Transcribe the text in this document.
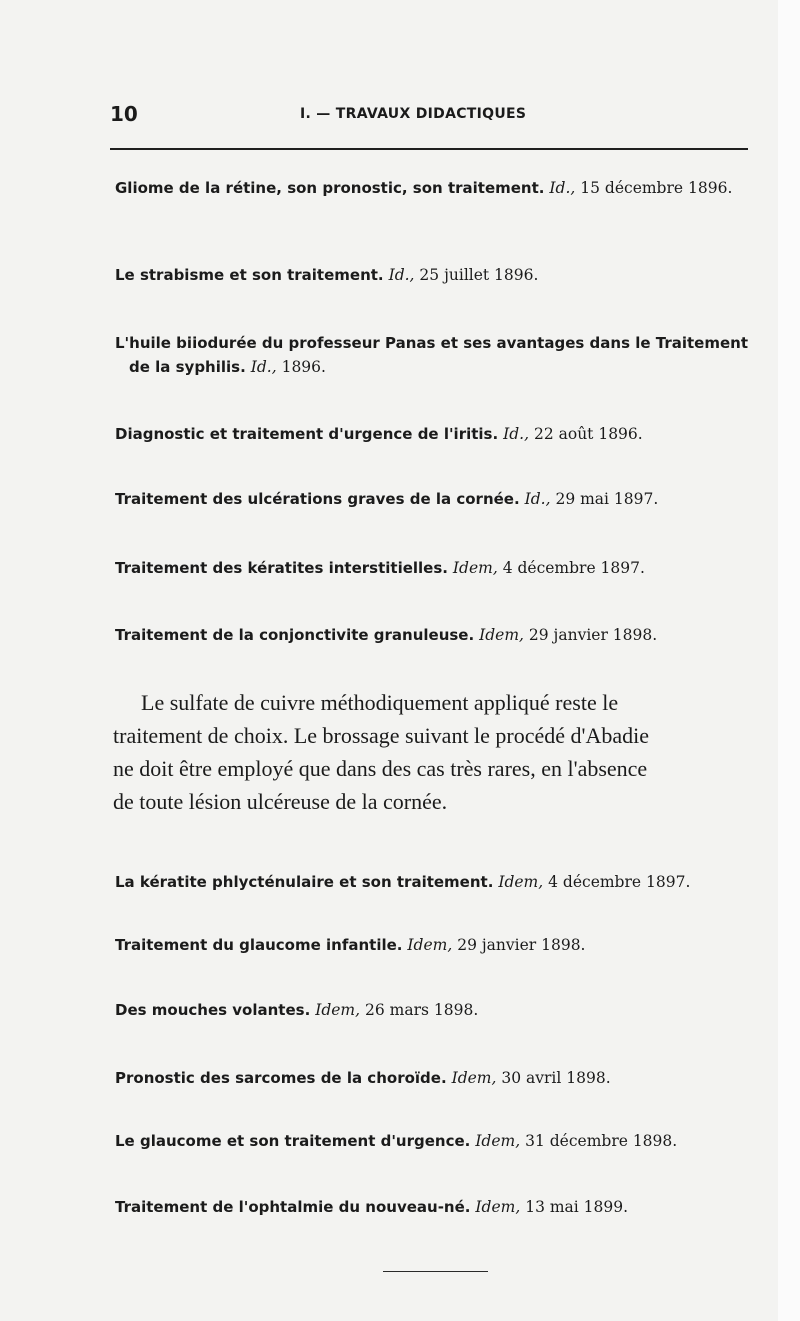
10	I. — TRAVAUX DIDACTIQUES
Gliome de la rétine, son pronostic, son traitement. Id., 15 décembre 1896.
Le strabisme et son traitement. Id., 25 juillet 1896.
L'huile biiodurée du professeur Panas et ses avantages dans le Traitement de la syphilis. Id., 1896.
Diagnostic et traitement d'urgence de l'iritis. Id., 22 août 1896.
Traitement des ulcérations graves de la cornée. Id., 29 mai 1897.
Traitement des kératites interstitielles. Idem, 4 décembre 1897.
Traitement de la conjonctivite granuleuse. Idem, 29 janvier 1898.
Le sulfate de cuivre méthodiquement appliqué reste le
traitement de choix. Le brossage suivant le procédé d'Abadie
ne doit être employé que dans des cas très rares, en l'absence
de toute lésion ulcéreuse de la cornée.
La kératite phlycténulaire et son traitement. Idem, 4 décembre 1897.
Traitement du glaucome infantile. Idem, 29 janvier 1898.
Des mouches volantes. Idem, 26 mars 1898.
Pronostic des sarcomes de la choroïde. Idem, 30 avril 1898.
Le glaucome et son traitement d'urgence. Idem, 31 décembre 1898.
Traitement de l'ophtalmie du nouveau-né. Idem, 13 mai 1899.
